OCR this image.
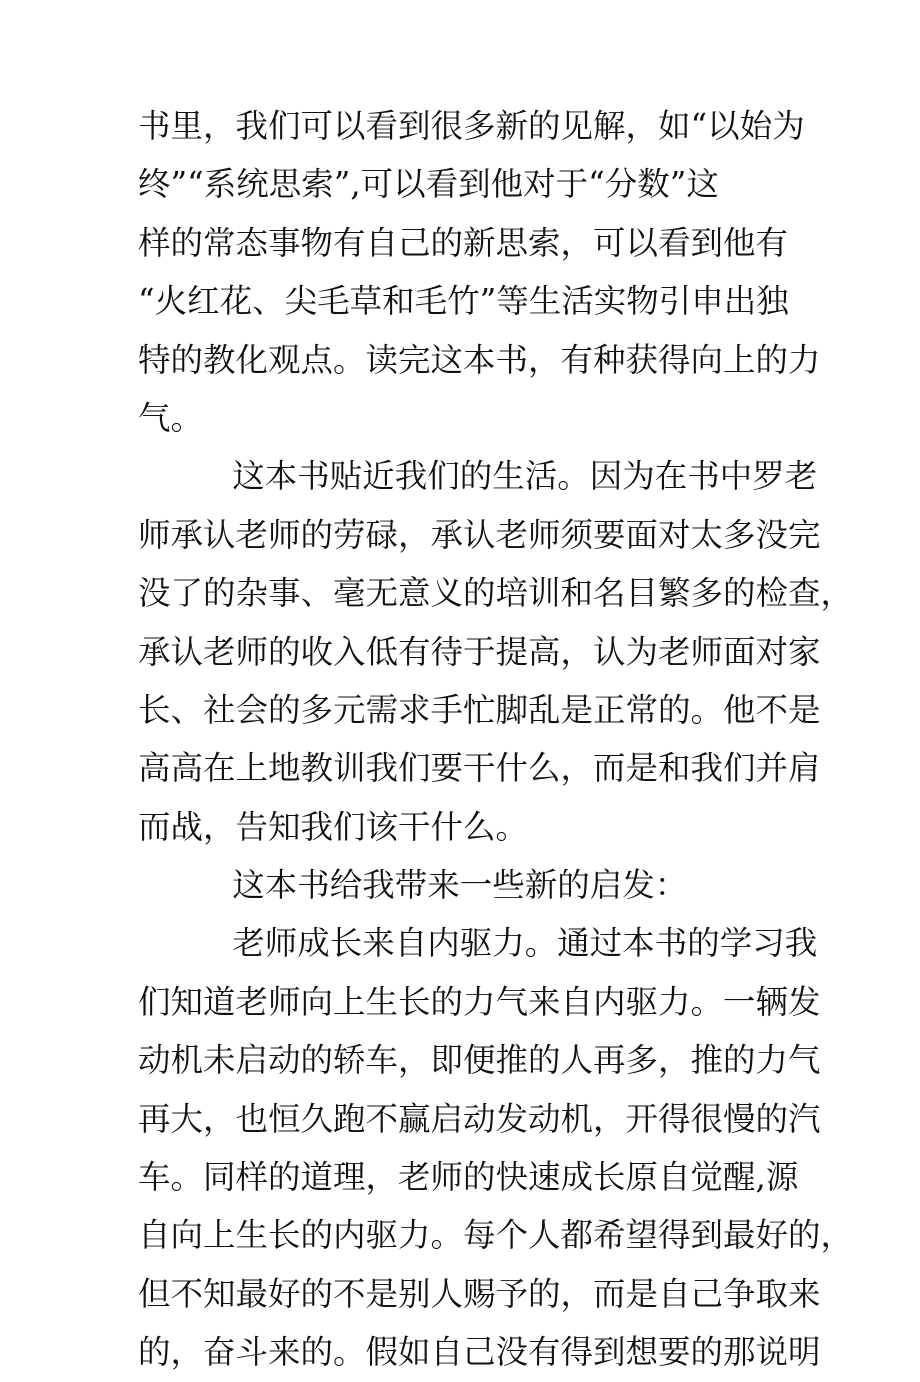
书里，我们可以看到很多新的见解，如“以始为
终”“系统思索”,可以看到他对于“分数”这
样的常态事物有自己的新思索，可以看到他有
“火红花、尖毛草和毛竹”等生活实物引申出独
特的教化观点。读完这本书，有种获得向上的力
气。
这本书贴近我们的生活。因为在书中罗老
师承认老师的劳碌，承认老师须要面对太多没完
没了的杂事、毫无意义的培训和名目繁多的检查，
承认老师的收入低有待于提高，认为老师面对家
长、社会的多元需求手忙脚乱是正常的。他不是
高高在上地教训我们要干什么，而是和我们并肩
而战，告知我们该干什么。
这本书给我带来一些新的启发：
老师成长来自内驱力。通过本书的学习我
们知道老师向上生长的力气来自内驱力。一辆发
动机未启动的轿车，即便推的人再多，推的力气
再大，也恒久跑不赢启动发动机，开得很慢的汽
车。同样的道理，老师的快速成长原自觉醒,源
自向上生长的内驱力。每个人都希望得到最好的，
但不知最好的不是别人赐予的，而是自己争取来
的，奋斗来的。假如自己没有得到想要的那说明
